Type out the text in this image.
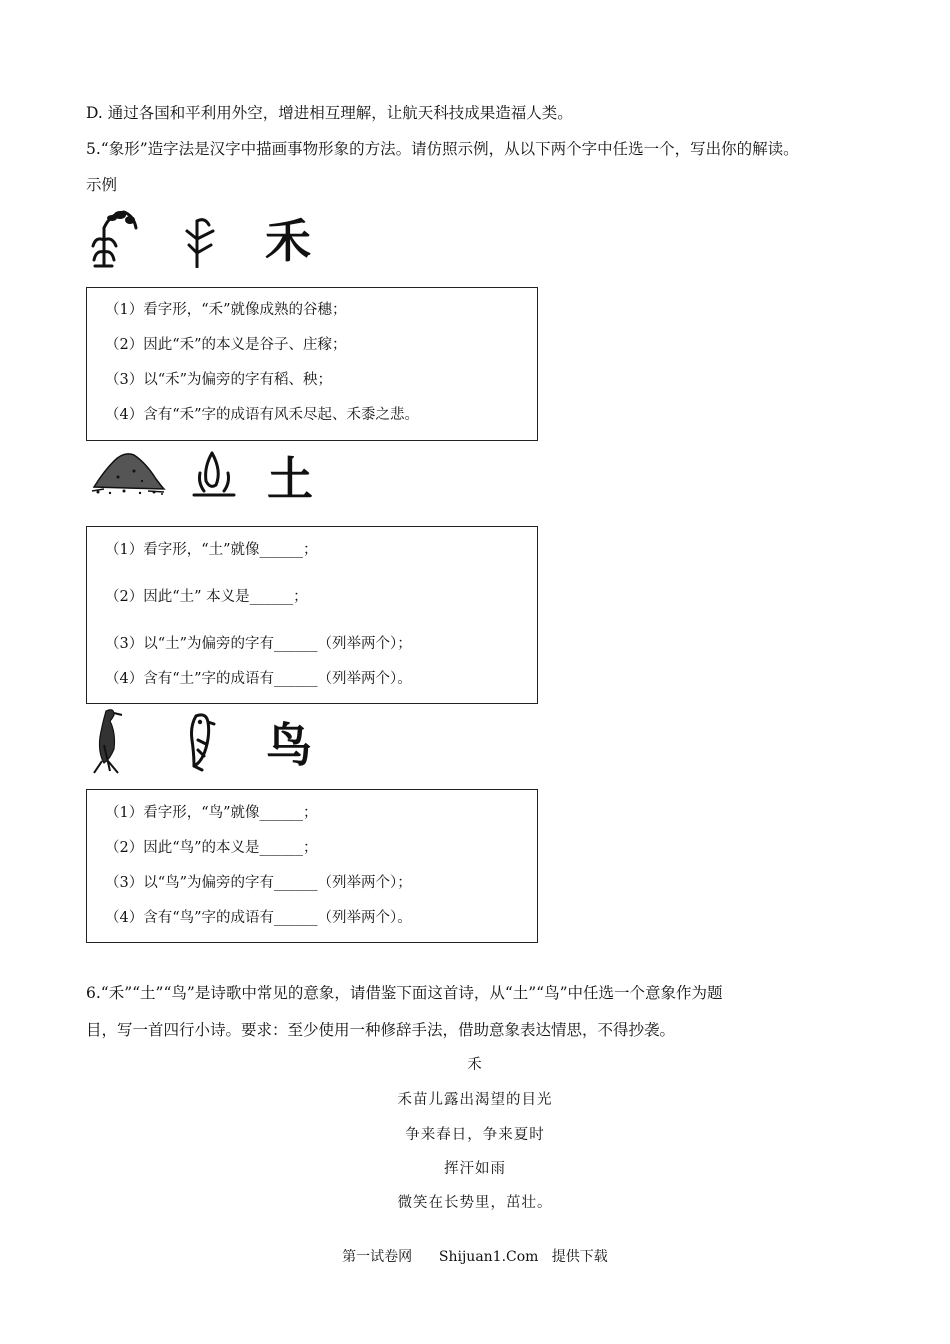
D. 通过各国和平利用外空，增进相互理解，让航天科技成果造福人类。
5.“象形”造字法是汉字中描画事物形象的方法。请仿照示例，从以下两个字中任选一个，写出你的解读。
示例
禾
（1）看字形，“禾”就像成熟的谷穗；
（2）因此“禾”的本义是谷子、庄稼；
（3）以“禾”为偏旁的字有稻、秧；
（4）含有“禾”字的成语有风禾尽起、禾黍之悲。
土
（1）看字形，“土”就像______；
（2）因此“土” 本义是______；
（3）以“土”为偏旁的字有______（列举两个）；
（4）含有“土”字的成语有______（列举两个）。
鸟
（1）看字形，“鸟”就像______；
（2）因此“鸟”的本义是______；
（3）以“鸟”为偏旁的字有______（列举两个）；
（4）含有“鸟”字的成语有______（列举两个）。
6.“禾”“土”“鸟”是诗歌中常见的意象，请借鉴下面这首诗，从“土”“鸟”中任选一个意象作为题
目，写一首四行小诗。要求：至少使用一种修辞手法，借助意象表达情思，不得抄袭。
禾
禾苗儿露出渴望的目光
争来春日，争来夏时
挥汗如雨
微笑在长势里，茁壮。
第一试卷网      Shijuan1.Com   提供下载
